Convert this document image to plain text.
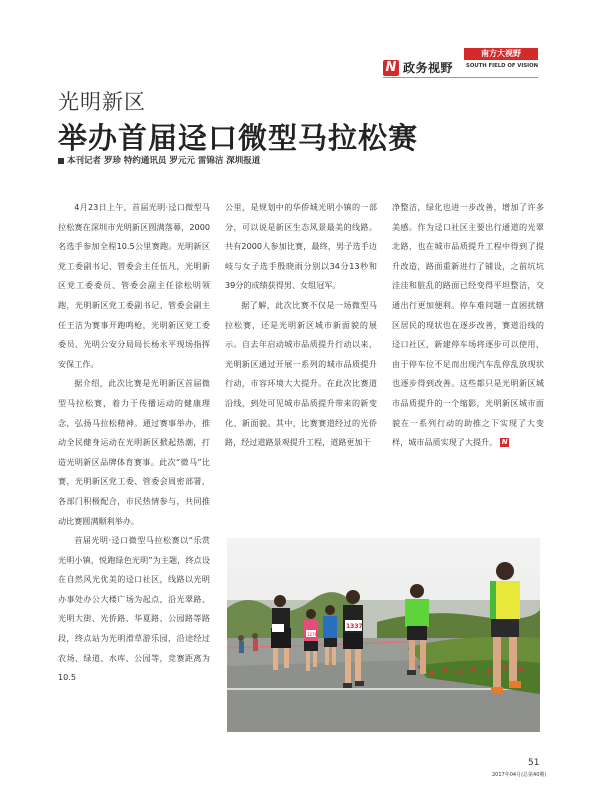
N 政务视野
南方大视野
SOUTH FIELD OF VISION
光明新区
举办首届迳口微型马拉松赛
本刊记者 罗珍 特约通讯员 罗元元 雷锦洁 深圳报道

4月23日上午，首届光明·迳口微型马拉松赛在深圳市光明新区圆满落幕，2000名选手参加全程10.5公里赛跑。光明新区党工委副书记、管委会主任伍凡，光明新区党工委委员、管委会副主任徐松明领跑，光明新区党工委副书记、管委会副主任王洁为赛事开跑鸣枪，光明新区党工委委员、光明公安分局局长杨永平现场指挥安保工作。

据介绍，此次比赛是光明新区首届微型马拉松赛，着力于传播运动的健康理念，弘扬马拉松精神。通过赛事举办，推动全民健身运动在光明新区掀起热潮，打造光明新区品牌体育赛事。此次“微马”比赛，光明新区党工委、管委会周密部署，各部门积极配合，市民热情参与，共同推动比赛圆满顺利举办。

首届光明·迳口微型马拉松赛以“乐赏光明小镇，悦跑绿色光明”为主题，终点设在自然风光优美的迳口社区，线路以光明办事处办公大楼广场为起点，沿光翠路、光明大街、光侨路、华夏路、公园路等路段，终点站为光明滑草游乐园，沿途经过农场、绿道、水库、公园等，竞赛距离为10.5

公里，是规划中的华侨城光明小镇的一部分，可以说是新区生态风景最美的线路。共有2000人参加比赛，最终，男子选手边岐与女子选手殷晓雨分别以34分13秒和39分的成绩获得男、女组冠军。

据了解，此次比赛不仅是一场微型马拉松赛，还是光明新区城市新面貌的展示。自去年启动城市品质提升行动以来，光明新区通过开展一系列的城市品质提升行动，市容环境大大提升。在此次比赛道沿线，到处可见城市品质提升带来的新变化、新面貌。其中，比赛赛道经过的光侨路，经过道路景观提升工程，道路更加干

净整洁，绿化也进一步改善，增加了许多美感。作为迳口社区主要出行通道的光翠北路，也在城市品质提升工程中得到了提升改造，路面重新进行了铺设，之前坑坑洼洼和脏乱的路面已经变得平坦整洁，交通出行更加便利。停车难问题一直困扰辖区居民的现状也在逐步改善，赛道沿线的迳口社区，新建停车场将逐步可以使用，由于停车位不足而出现汽车乱停乱放现状也逐步得到改善。这些都只是光明新区城市品质提升的一个缩影，光明新区城市面貌在一系列行动的助推之下实现了大变样，城市品质实现了大提升。 N

1276
1337
51
2017年04月(总第40期)
